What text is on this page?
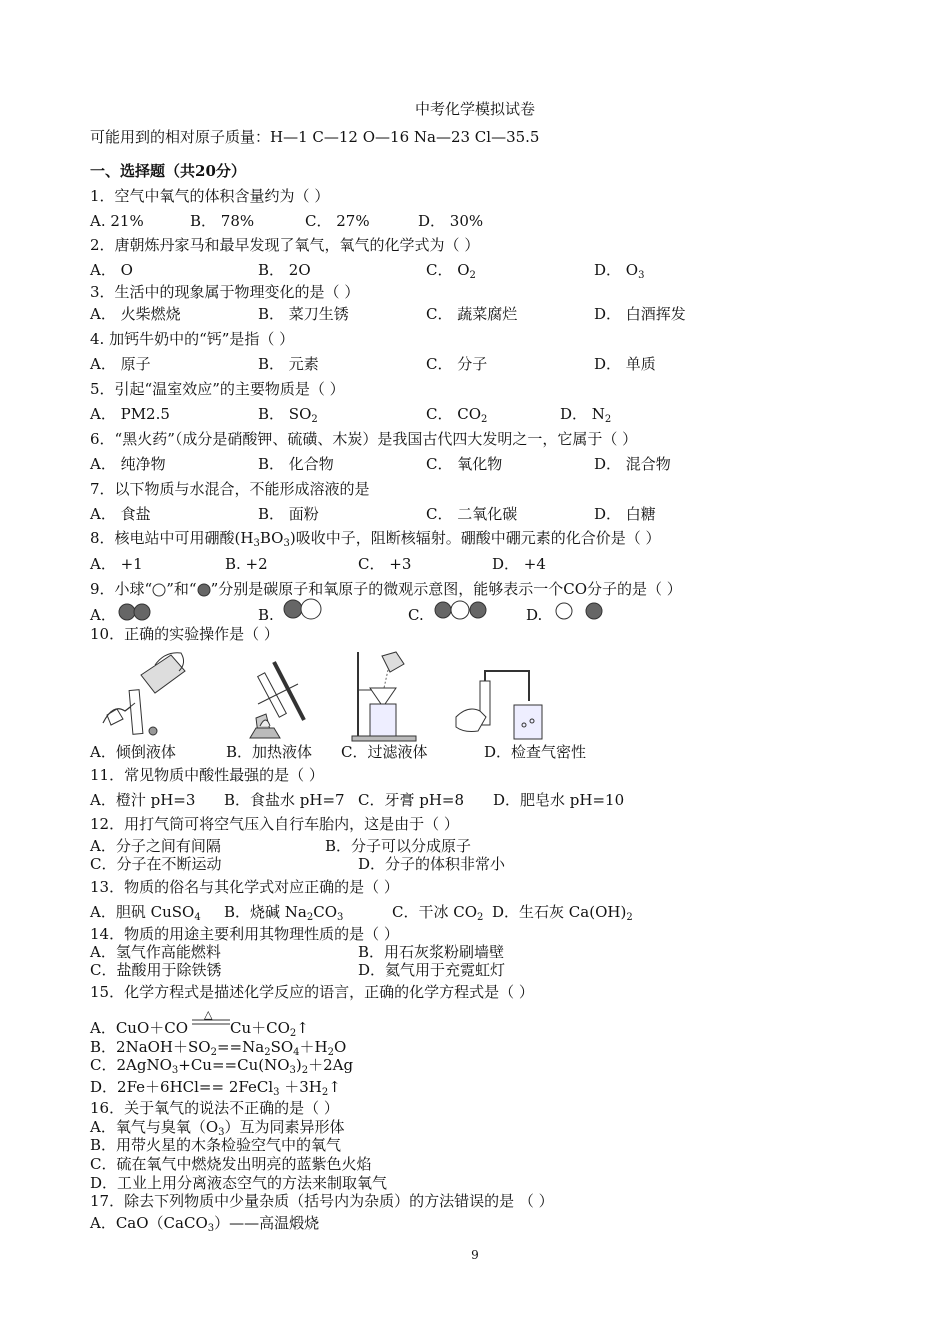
中考化学模拟试卷
可能用到的相对原子质量：H—1 C—12 O—16 Na—23 Cl—35.5
一、选择题（共20分）
1．空气中氧气的体积含量约为（ ）
A. 21%	B． 78%	C． 27%	D． 30%
2．唐朝炼丹家马和最早发现了氧气，氧气的化学式为（ ）
A． O	B． 2O	C． $O_2$	D． $O_3$
3．生活中的现象属于物理变化的是（ ）
A． 火柴燃烧	B． 菜刀生锈	C． 蔬菜腐烂	D． 白酒挥发
4. 加钙牛奶中的“钙”是指（ ）
A． 原子	B． 元素	C． 分子	D． 单质
5．引起“温室效应”的主要物质是（ ）
A． PM2.5	B． $SO_2$	C． $CO_2$	D． $N_2$
6．“黑火药”（成分是硝酸钾、硫磺、木炭）是我国古代四大发明之一，它属于（ ）
A． 纯净物	B． 化合物	C． 氧化物	D． 混合物
7．以下物质与水混合，不能形成溶液的是
A． 食盐	B． 面粉	C． 二氧化碳	D． 白糖
8．核电站中可用硼酸$(H_3BO_3)$吸收中子，阻断核辐射。硼酸中硼元素的化合价是（ ）
A． +1	B. +2	C． +3	D． +4
9．小球“ ”和“ ”分别是碳原子和氧原子的微观示意图，能够表示一个CO分子的是（ ）
A．	B.	C.	D.
10．正确的实验操作是（ ）
A．倾倒液体	B．加热液体 C．过滤液体	D．检查气密性
11．常见物质中酸性最强的是（ ）
A．橙汁 pH=3 B．食盐水 pH=7 C．牙膏 pH=8 D．肥皂水 pH=10
12．用打气筒可将空气压入自行车胎内，这是由于（ ）
A．分子之间有间隔	B．分子可以分成原子
C．分子在不断运动	D．分子的体积非常小
13．物质的俗名与其化学式对应正确的是（ ）
A．胆矾 CuSO$_4$ B．烧碱 $Na_2CO_3$	C．干冰 $CO_2$ D．生石灰 $Ca(OH)_2$
14．物质的用途主要利用其物理性质的是（ ）
A．氢气作高能燃料	B．用石灰浆粉刷墙壁
C．盐酸用于除铁锈	D．氦气用于充霓虹灯
15．化学方程式是描述化学反应的语言，正确的化学方程式是（ ）
△
A．CuO＋CO	$Cu+CO_2↑$
B．$2NaOH+SO_2==Na_2SO_4+H_2O$
C．$2AgNO_3+Cu==Cu(NO_3)_2+2Ag$
D．2Fe＋6HCl== 2FeCl$_3$ $+3H_2↑$
16．关于氧气的说法不正确的是（ ）
A．氧气与臭氧$(O_3)$互为同素异形体
B．用带火星的木条检验空气中的氧气
C．硫在氧气中燃烧发出明亮的蓝紫色火焰
D．工业上用分离液态空气的方法来制取氧气
17．除去下列物质中少量杂质（括号内为杂质）的方法错误的是 （ ）
A．CaO（CaCO$_3$）——高温煅烧
9
